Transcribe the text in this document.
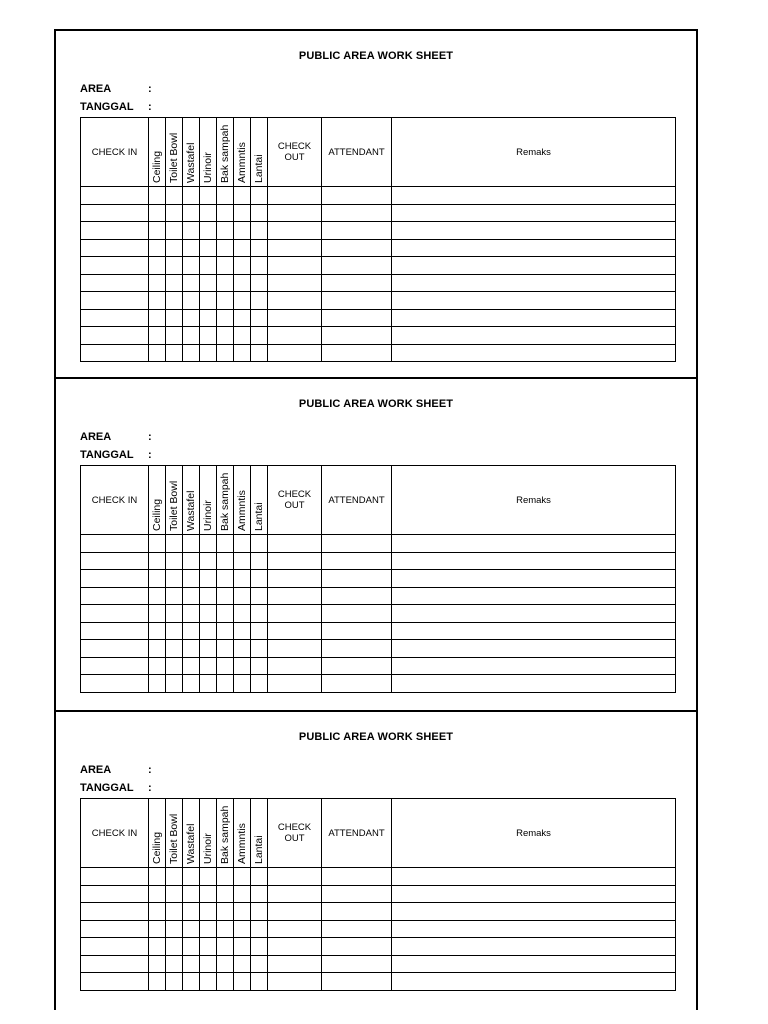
PUBLIC AREA WORK SHEET
AREA	:
TANGGAL :
CHECK IN	Ceiling	Toilet Bowl	Wastafel	Urinoir	Bak sampah	Ammntis	Lantai	CHECK OUT	ATTENDANT	Remaks

PUBLIC AREA WORK SHEET
AREA	:
TANGGAL :
CHECK IN	Ceiling	Toilet Bowl	Wastafel	Urinoir	Bak sampah	Ammntis	Lantai	CHECK OUT	ATTENDANT	Remaks

PUBLIC AREA WORK SHEET
AREA	:
TANGGAL :
CHECK IN	Ceiling	Toilet Bowl	Wastafel	Urinoir	Bak sampah	Ammntis	Lantai	CHECK OUT	ATTENDANT	Remaks
